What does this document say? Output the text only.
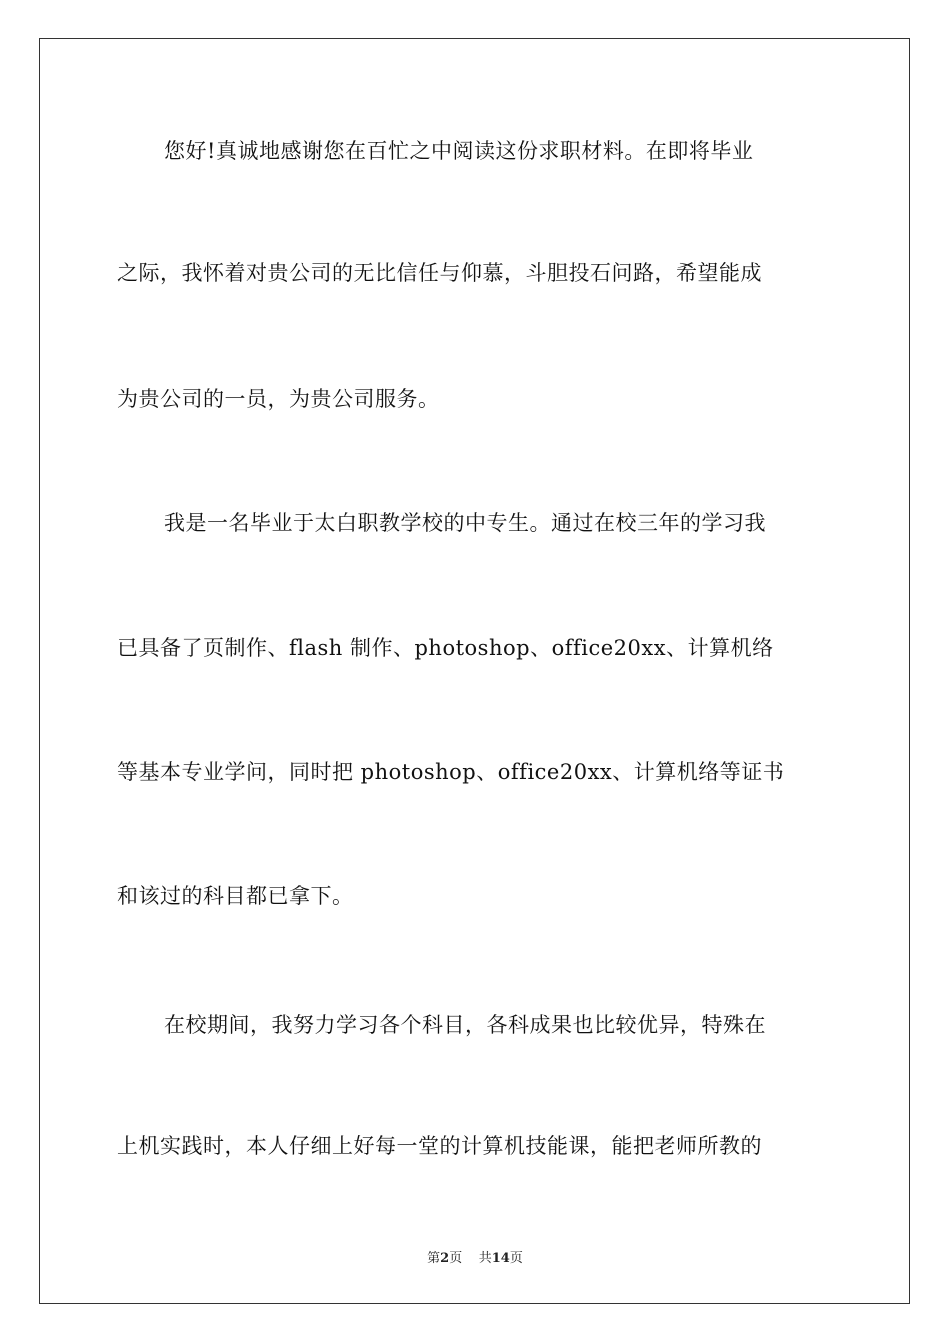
您好!真诚地感谢您在百忙之中阅读这份求职材料。在即将毕业
之际，我怀着对贵公司的无比信任与仰慕，斗胆投石问路，希望能成
为贵公司的一员，为贵公司服务。
我是一名毕业于太白职教学校的中专生。通过在校三年的学习我
已具备了页制作、flash 制作、photoshop、office20xx、计算机络
等基本专业学问，同时把 photoshop、office20xx、计算机络等证书
和该过的科目都已拿下。
在校期间，我努力学习各个科目，各科成果也比较优异，特殊在
上机实践时，本人仔细上好每一堂的计算机技能课，能把老师所教的
第2页    共14页
